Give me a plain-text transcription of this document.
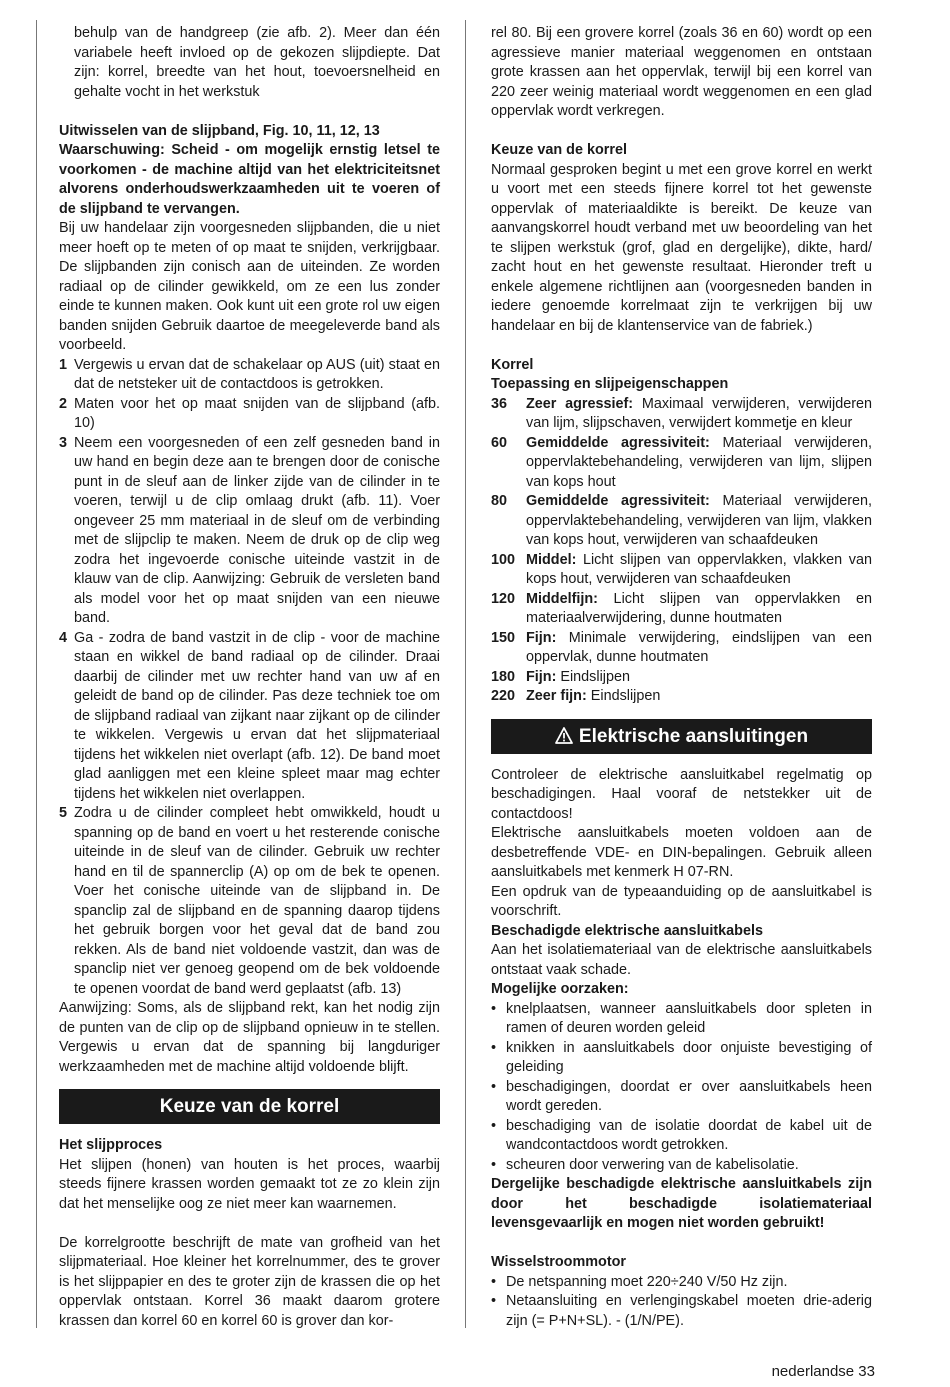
behulp van de handgreep (zie afb. 2). Meer dan één variabele heeft invloed op de gekozen slijpdiepte. Dat zijn: korrel, breedte van het hout, toevoersnelheid en gehalte vocht in het werkstuk

Uitwisselen van de slijpband, Fig. 10, 11, 12, 13

Waarschuwing: Scheid - om mogelijk ernstig letsel te voorkomen - de machine altijd van het elektriciteitsnet alvorens onderhoudswerkzaamheden uit te voeren of de slijpband te vervangen.

Bij uw handelaar zijn voorgesneden slijpbanden, die u niet meer hoeft op te meten of op maat te snijden, verkrijgbaar. De slijpbanden zijn conisch aan de uiteinden. Ze worden radiaal op de cilinder gewikkeld, om ze een lus zonder einde te kunnen maken. Ook kunt uit een grote rol uw eigen banden snijden Gebruik daartoe de meegeleverde band als voorbeeld.

1 Vergewis u ervan dat de schakelaar op AUS (uit) staat en dat de netsteker uit de contactdoos is getrokken.
2 Maten voor het op maat snijden van de slijpband (afb. 10)
3 Neem een voorgesneden of een zelf gesneden band in uw hand en begin deze aan te brengen door de conische punt in de sleuf aan de linker zijde van de cilinder in te voeren, terwijl u de clip omlaag drukt (afb. 11). Voer ongeveer 25 mm materiaal in de sleuf om de verbinding met de slijpclip te maken. Neem de druk op de clip weg zodra het ingevoerde conische uiteinde vastzit in de klauw van de clip. Aanwijzing: Gebruik de versleten band als model voor het op maat snijden van een nieuwe band.
4 Ga - zodra de band vastzit in de clip - voor de machine staan en wikkel de band radiaal op de cilinder. Draai daarbij de cilinder met uw rechter hand van uw af en geleidt de band op de cilinder. Pas deze techniek toe om de slijpband radiaal van zijkant naar zijkant op de cilinder te wikkelen. Vergewis u ervan dat het slijpmateriaal tijdens het wikkelen niet overlapt (afb. 12). De band moet glad aanliggen met een kleine spleet maar mag echter tijdens het wikkelen niet overlappen.
5 Zodra u de cilinder compleet hebt omwikkeld, houdt u spanning op de band en voert u het resterende conische uiteinde in de sleuf van de cilinder. Gebruik uw rechter hand en til de spannerclip (A) op om de bek te openen. Voer het conische uiteinde van de slijpband in. De spanclip zal de slijpband en de spanning daarop tijdens het gebruik borgen voor het geval dat de band zou rekken. Als de band niet voldoende vastzit, dan was de spanclip niet ver genoeg geopend om de bek voldoende te openen voordat de band werd geplaatst (afb. 13)

Aanwijzing: Soms, als de slijpband rekt, kan het nodig zijn de punten van de clip op de slijpband opnieuw in te stellen. Vergewis u ervan dat de spanning bij langduriger werkzaamheden met de machine altijd voldoende blijft.

Keuze van de korrel

Het slijpproces

Het slijpen (honen) van houten is het proces, waarbij steeds fijnere krassen worden gemaakt tot ze zo klein zijn dat het menselijke oog ze niet meer kan waarnemen.

De korrelgrootte beschrijft de mate van grofheid van het slijpmateriaal. Hoe kleiner het korrelnummer, des te grover is het slijppapier en des te groter zijn de krassen die op het oppervlak ontstaan. Korrel 36 maakt daarom grotere krassen dan korrel 60 en korrel 60 is grover dan kor-

rel 80. Bij een grovere korrel (zoals 36 en 60) wordt op een agressieve manier materiaal weggenomen en ontstaan grote krassen aan het oppervlak, terwijl bij een korrel van 220 zeer weinig materiaal wordt weggenomen en een glad oppervlak wordt verkregen.

Keuze van de korrel

Normaal gesproken begint u met een grove korrel en werkt u voort met een steeds fijnere korrel tot het gewenste oppervlak of materiaaldikte is bereikt. De keuze van aanvangskorrel houdt verband met uw beoordeling van het te slijpen werkstuk (grof, glad en dergelijke), dikte, hard/ zacht hout en het gewenste resultaat. Hieronder treft u enkele algemene richtlijnen aan (voorgesneden banden in iedere genoemde korrelmaat zijn te verkrijgen bij uw handelaar en bij de klantenservice van de fabriek.)

Korrel

Toepassing en slijpeigenschappen

36	Zeer agressief: Maximaal verwijderen, verwijderen van lijm, slijpschaven, verwijdert kommetje en kleur
60	Gemiddelde agressiviteit: Materiaal verwijderen, oppervlaktebehandeling, verwijderen van lijm, slijpen van kops hout
80	Gemiddelde agressiviteit: Materiaal verwijderen, oppervlaktebehandeling, verwijderen van lijm, vlakken van kops hout, verwijderen van schaafdeuken
100 Middel: Licht slijpen van oppervlakken, vlakken van kops hout, verwijderen van schaafdeuken
120 Middelfijn: Licht slijpen van oppervlakken en materiaalverwijdering, dunne houtmaten
150 Fijn: Minimale verwijdering, eindslijpen van een oppervlak, dunne houtmaten
180 Fijn: Eindslijpen
220 Zeer fijn: Eindslijpen
Elektrische aansluitingen

Controleer de elektrische aansluitkabel regelmatig op beschadigingen. Haal vooraf de netstekker uit de contactdoos!

Elektrische aansluitkabels moeten voldoen aan de desbetreffende VDE- en DIN-bepalingen. Gebruik alleen aansluitkabels met kenmerk H 07-RN.

Een opdruk van de typeaanduiding op de aansluitkabel is voorschrift.

Beschadigde elektrische aansluitkabels

Aan het isolatiemateriaal van de elektrische aansluitkabels ontstaat vaak schade.

Mogelijke oorzaken:

• knelplaatsen, wanneer aansluitkabels door spleten in ramen of deuren worden geleid
• knikken in aansluitkabels door onjuiste bevestiging of geleiding
• beschadigingen, doordat er over aansluitkabels heen wordt gereden.
• beschadiging van de isolatie doordat de kabel uit de wandcontactdoos wordt getrokken.
• scheuren door verwering van de kabelisolatie.

Dergelijke beschadigde elektrische aansluitkabels zijn door het beschadigde isolatiemateriaal levensgevaarlijk en mogen niet worden gebruikt!

Wisselstroommotor

• De netspanning moet 220÷240 V/50 Hz zijn.
• Netaansluiting en verlengingskabel moeten drie-aderig zijn (= P+N+SL). - (1/N/PE).
nederlandse 33
